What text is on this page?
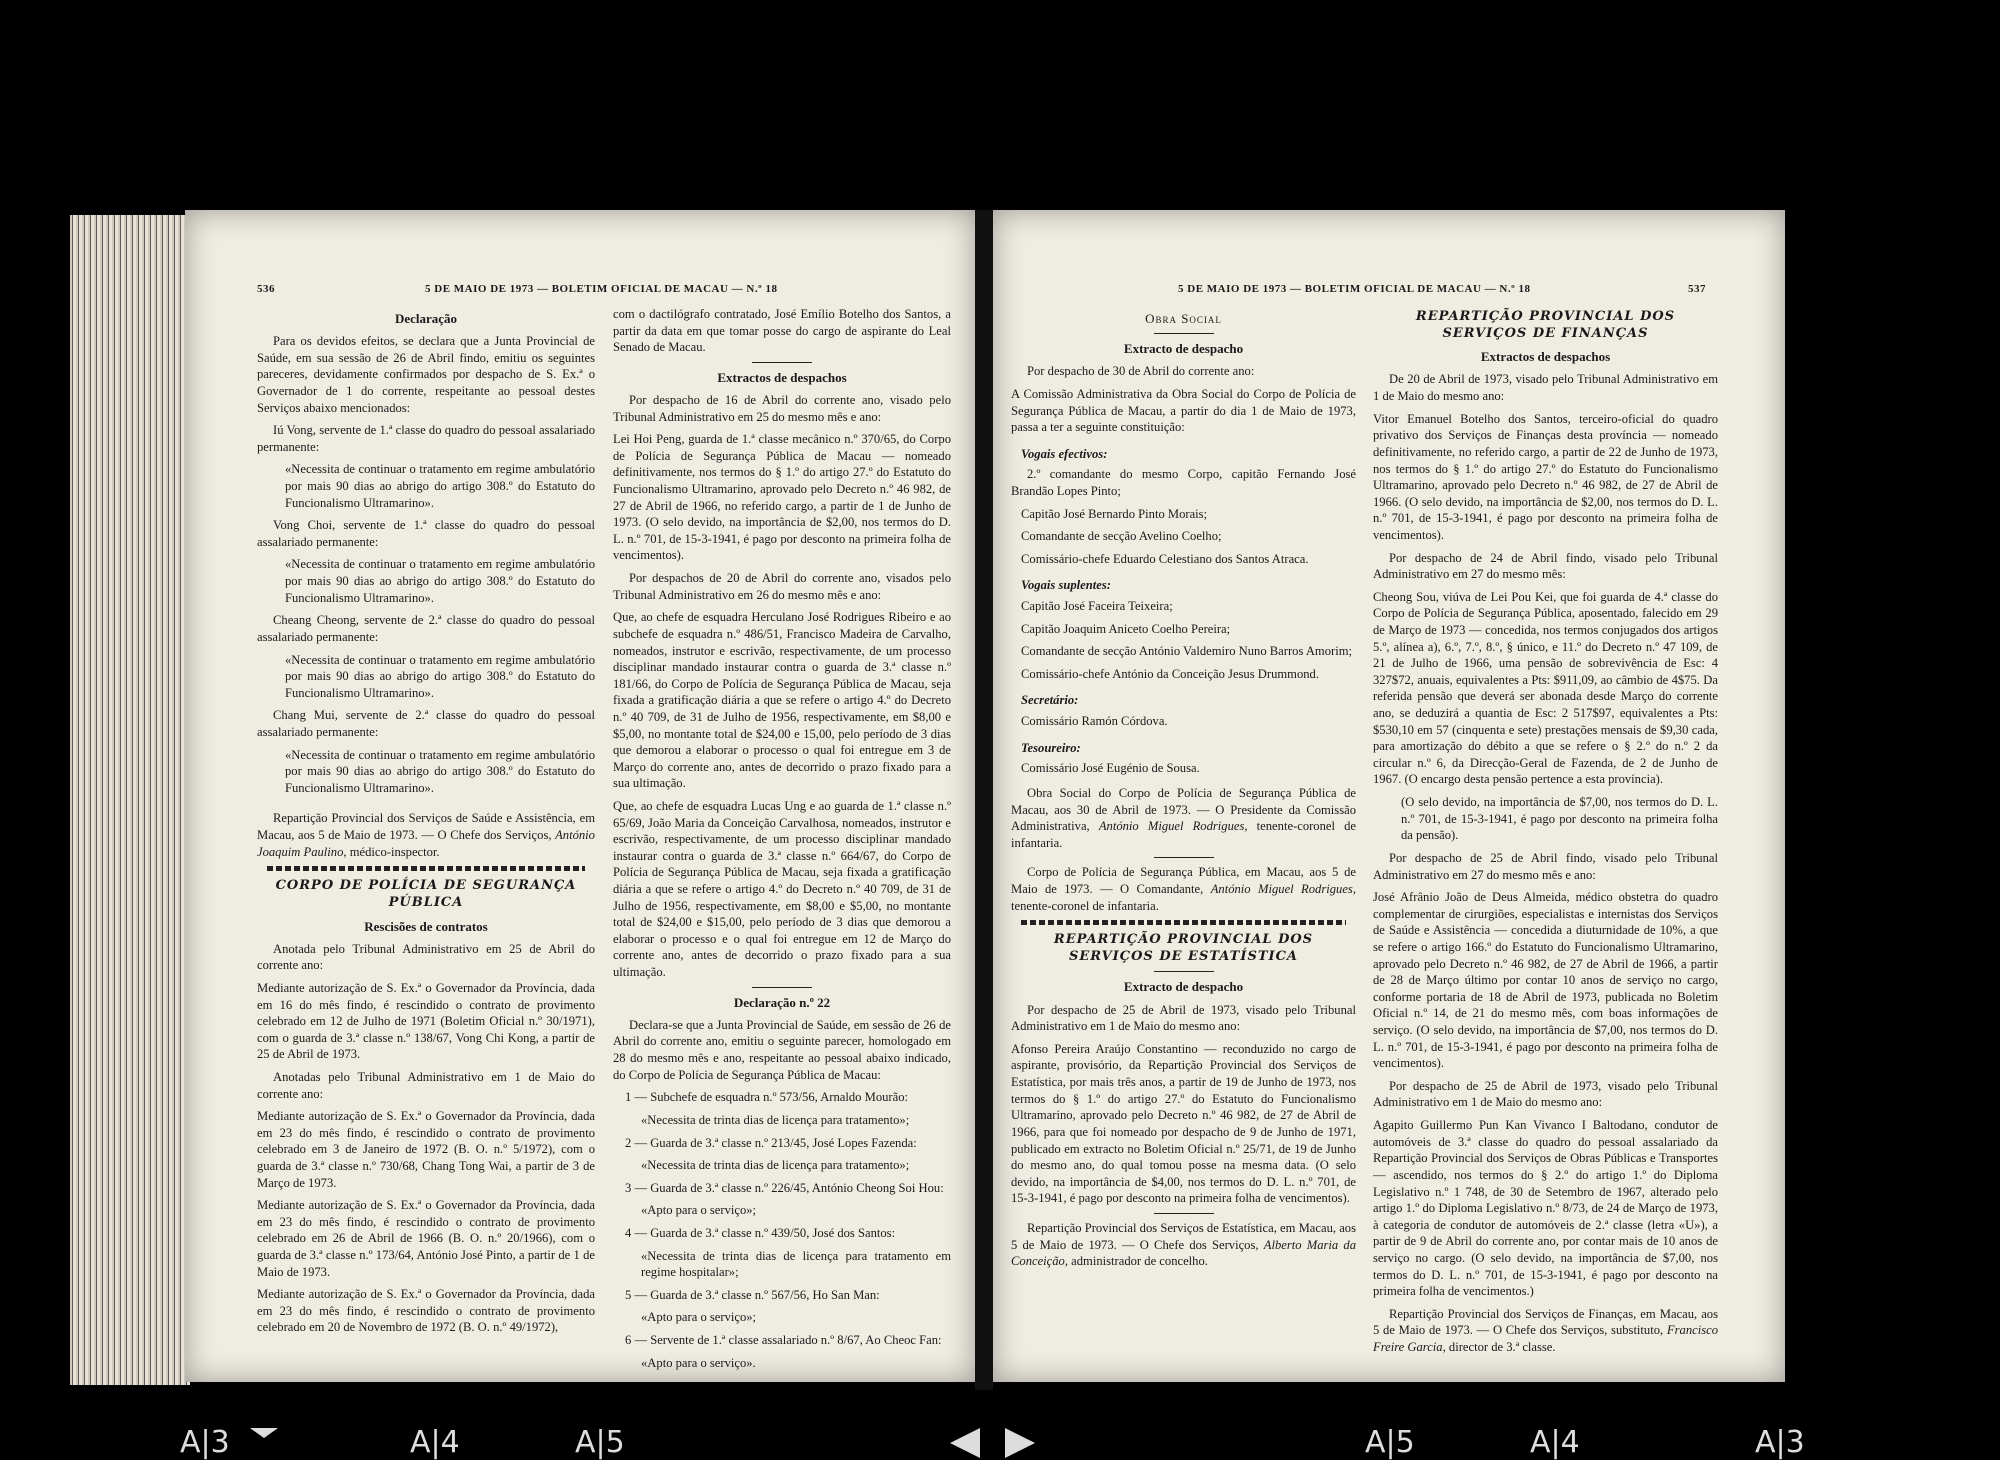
536	5 DE MAIO DE 1973 — BOLETIM OFICIAL DE MACAU — N.º 18
Declaração

Para os devidos efeitos, se declara que a Junta Provincial de Saúde, em sua sessão de 26 de Abril findo, emitiu os seguintes pareceres, devidamente confirmados por despacho de S. Ex.ª o Governador de 1 do corrente, respeitante ao pessoal destes Serviços abaixo mencionados:

Iú Vong, servente de 1.ª classe do quadro do pessoal assalariado permanente:

«Necessita de continuar o tratamento em regime ambulatório por mais 90 dias ao abrigo do artigo 308.º do Estatuto do Funcionalismo Ultramarino».

Vong Choi, servente de 1.ª classe do quadro do pessoal assalariado permanente:

«Necessita de continuar o tratamento em regime ambulatório por mais 90 dias ao abrigo do artigo 308.º do Estatuto do Funcionalismo Ultramarino».

Cheang Cheong, servente de 2.ª classe do quadro do pessoal assalariado permanente:

«Necessita de continuar o tratamento em regime ambulatório por mais 90 dias ao abrigo do artigo 308.º do Estatuto do Funcionalismo Ultramarino».

Chang Mui, servente de 2.ª classe do quadro do pessoal assalariado permanente:

«Necessita de continuar o tratamento em regime ambulatório por mais 90 dias ao abrigo do artigo 308.º do Estatuto do Funcionalismo Ultramarino».

Repartição Provincial dos Serviços de Saúde e Assistência, em Macau, aos 5 de Maio de 1973. — O Chefe dos Serviços, António Joaquim Paulino, médico-inspector.

CORPO DE POLÍCIA DE SEGURANÇA PÚBLICA
Rescisões de contratos

Anotada pelo Tribunal Administrativo em 25 de Abril do corrente ano:

Mediante autorização de S. Ex.ª o Governador da Província, dada em 16 do mês findo, é rescindido o contrato de provimento celebrado em 12 de Julho de 1971 (Boletim Oficial n.º 30/1971), com o guarda de 3.ª classe n.º 138/67, Vong Chi Kong, a partir de 25 de Abril de 1973.

Anotadas pelo Tribunal Administrativo em 1 de Maio do corrente ano:

Mediante autorização de S. Ex.ª o Governador da Província, dada em 23 do mês findo, é rescindido o contrato de provimento celebrado em 3 de Janeiro de 1972 (B. O. n.º 5/1972), com o guarda de 3.ª classe n.º 730/68, Chang Tong Wai, a partir de 3 de Março de 1973.

Mediante autorização de S. Ex.ª o Governador da Província, dada em 23 do mês findo, é rescindido o contrato de provimento celebrado em 26 de Abril de 1966 (B. O. n.º 20/1966), com o guarda de 3.ª classe n.º 173/64, António José Pinto, a partir de 1 de Maio de 1973.

Mediante autorização de S. Ex.ª o Governador da Província, dada em 23 do mês findo, é rescindido o contrato de provimento celebrado em 20 de Novembro de 1972 (B. O. n.º 49/1972),

com o dactilógrafo contratado, José Emílio Botelho dos Santos, a partir da data em que tomar posse do cargo de aspirante do Leal Senado de Macau.

Extractos de despachos

Por despacho de 16 de Abril do corrente ano, visado pelo Tribunal Administrativo em 25 do mesmo mês e ano:

Lei Hoi Peng, guarda de 1.ª classe mecânico n.º 370/65, do Corpo de Polícia de Segurança Pública de Macau — nomeado definitivamente, nos termos do § 1.º do artigo 27.º do Estatuto do Funcionalismo Ultramarino, aprovado pelo Decreto n.º 46 982, de 27 de Abril de 1966, no referido cargo, a partir de 1 de Junho de 1973. (O selo devido, na importância de $2,00, nos termos do D. L. n.º 701, de 15-3-1941, é pago por desconto na primeira folha de vencimentos).

Por despachos de 20 de Abril do corrente ano, visados pelo Tribunal Administrativo em 26 do mesmo mês e ano:

Que, ao chefe de esquadra Herculano José Rodrigues Ribeiro e ao subchefe de esquadra n.º 486/51, Francisco Madeira de Carvalho, nomeados, instrutor e escrivão, respectivamente, de um processo disciplinar mandado instaurar contra o guarda de 3.ª classe n.º 181/66, do Corpo de Polícia de Segurança Pública de Macau, seja fixada a gratificação diária a que se refere o artigo 4.º do Decreto n.º 40 709, de 31 de Julho de 1956, respectivamente, em $8,00 e $5,00, no montante total de $24,00 e 15,00, pelo período de 3 dias que demorou a elaborar o processo o qual foi entregue em 3 de Março do corrente ano, antes de decorrido o prazo fixado para a sua ultimação.

Que, ao chefe de esquadra Lucas Ung e ao guarda de 1.ª classe n.º 65/69, João Maria da Conceição Carvalhosa, nomeados, instrutor e escrivão, respectivamente, de um processo disciplinar mandado instaurar contra o guarda de 3.ª classe n.º 664/67, do Corpo de Polícia de Segurança Pública de Macau, seja fixada a gratificação diária a que se refere o artigo 4.º do Decreto n.º 40 709, de 31 de Julho de 1956, respectivamente, em $8,00 e $5,00, no montante total de $24,00 e $15,00, pelo período de 3 dias que demorou a elaborar o processo e o qual foi entregue em 12 de Março do corrente ano, antes de decorrido o prazo fixado para a sua ultimação.

Declaração n.º 22

Declara-se que a Junta Provincial de Saúde, em sessão de 26 de Abril do corrente ano, emitiu o seguinte parecer, homologado em 28 do mesmo mês e ano, respeitante ao pessoal abaixo indicado, do Corpo de Polícia de Segurança Pública de Macau:

1 — Subchefe de esquadra n.º 573/56, Arnaldo Mourão:

«Necessita de trinta dias de licença para tratamento»;

2 — Guarda de 3.ª classe n.º 213/45, José Lopes Fazenda:

«Necessita de trinta dias de licença para tratamento»;

3 — Guarda de 3.ª classe n.º 226/45, António Cheong Soi Hou:

«Apto para o serviço»;

4 — Guarda de 3.ª classe n.º 439/50, José dos Santos:

«Necessita de trinta dias de licença para tratamento em regime hospitalar»;

5 — Guarda de 3.ª classe n.º 567/56, Ho San Man:

«Apto para o serviço»;

6 — Servente de 1.ª classe assalariado n.º 8/67, Ao Cheoc Fan:

«Apto para o serviço».

5 DE MAIO DE 1973 — BOLETIM OFICIAL DE MACAU — N.º 18	537
Obra Social
Extracto de despacho

Por despacho de 30 de Abril do corrente ano:

A Comissão Administrativa da Obra Social do Corpo de Polícia de Segurança Pública de Macau, a partir do dia 1 de Maio de 1973, passa a ter a seguinte constituição:

Vogais efectivos:

2.º comandante do mesmo Corpo, capitão Fernando José Brandão Lopes Pinto;

Capitão José Bernardo Pinto Morais;

Comandante de secção Avelino Coelho;

Comissário-chefe Eduardo Celestiano dos Santos Atraca.

Vogais suplentes:

Capitão José Faceira Teixeira;

Capitão Joaquim Aniceto Coelho Pereira;

Comandante de secção António Valdemiro Nuno Barros Amorim;

Comissário-chefe António da Conceição Jesus Drummond.

Secretário:

Comissário Ramón Córdova.

Tesoureiro:

Comissário José Eugénio de Sousa.

Obra Social do Corpo de Polícia de Segurança Pública de Macau, aos 30 de Abril de 1973. — O Presidente da Comissão Administrativa, António Miguel Rodrigues, tenente-coronel de infantaria.

Corpo de Polícia de Segurança Pública, em Macau, aos 5 de Maio de 1973. — O Comandante, António Miguel Rodrigues, tenente-coronel de infantaria.

REPARTIÇÃO PROVINCIAL DOS SERVIÇOS DE ESTATÍSTICA
Extracto de despacho

Por despacho de 25 de Abril de 1973, visado pelo Tribunal Administrativo em 1 de Maio do mesmo ano:

Afonso Pereira Araújo Constantino — reconduzido no cargo de aspirante, provisório, da Repartição Provincial dos Serviços de Estatística, por mais três anos, a partir de 19 de Junho de 1973, nos termos do § 1.º do artigo 27.º do Estatuto do Funcionalismo Ultramarino, aprovado pelo Decreto n.º 46 982, de 27 de Abril de 1966, para que foi nomeado por despacho de 9 de Junho de 1971, publicado em extracto no Boletim Oficial n.º 25/71, de 19 de Junho do mesmo ano, do qual tomou posse na mesma data. (O selo devido, na importância de $4,00, nos termos do D. L. n.º 701, de 15-3-1941, é pago por desconto na primeira folha de vencimentos).

Repartição Provincial dos Serviços de Estatística, em Macau, aos 5 de Maio de 1973. — O Chefe dos Serviços, Alberto Maria da Conceição, administrador de concelho.

REPARTIÇÃO PROVINCIAL DOS SERVIÇOS DE FINANÇAS
Extractos de despachos

De 20 de Abril de 1973, visado pelo Tribunal Administrativo em 1 de Maio do mesmo ano:

Vitor Emanuel Botelho dos Santos, terceiro-oficial do quadro privativo dos Serviços de Finanças desta província — nomeado definitivamente, no referido cargo, a partir de 22 de Junho de 1973, nos termos do § 1.º do artigo 27.º do Estatuto do Funcionalismo Ultramarino, aprovado pelo Decreto n.º 46 982, de 27 de Abril de 1966. (O selo devido, na importância de $2,00, nos termos do D. L. n.º 701, de 15-3-1941, é pago por desconto na primeira folha de vencimentos).

Por despacho de 24 de Abril findo, visado pelo Tribunal Administrativo em 27 do mesmo mês:

Cheong Sou, viúva de Lei Pou Kei, que foi guarda de 4.ª classe do Corpo de Polícia de Segurança Pública, aposentado, falecido em 29 de Março de 1973 — concedida, nos termos conjugados dos artigos 5.º, alínea a), 6.º, 7.º, 8.º, § único, e 11.º do Decreto n.º 47 109, de 21 de Julho de 1966, uma pensão de sobrevivência de Esc: 4 327$72, anuais, equivalentes a Pts: $911,09, ao câmbio de 4$75. Da referida pensão que deverá ser abonada desde Março do corrente ano, se deduzirá a quantia de Esc: 2 517$97, equivalentes a Pts: $530,10 em 57 (cinquenta e sete) prestações mensais de $9,30 cada, para amortização do débito a que se refere o § 2.º do n.º 2 da circular n.º 6, da Direcção-Geral de Fazenda, de 2 de Junho de 1967. (O encargo desta pensão pertence a esta província).

(O selo devido, na importância de $7,00, nos termos do D. L. n.º 701, de 15-3-1941, é pago por desconto na primeira folha da pensão).

Por despacho de 25 de Abril findo, visado pelo Tribunal Administrativo em 27 do mesmo mês e ano:

José Afrânio João de Deus Almeida, médico obstetra do quadro complementar de cirurgiões, especialistas e internistas dos Serviços de Saúde e Assistência — concedida a diuturnidade de 10%, a que se refere o artigo 166.º do Estatuto do Funcionalismo Ultramarino, aprovado pelo Decreto n.º 46 982, de 27 de Abril de 1966, a partir de 28 de Março último por contar 10 anos de serviço no cargo, conforme portaria de 18 de Abril de 1973, publicada no Boletim Oficial n.º 14, de 21 do mesmo mês, com boas informações de serviço. (O selo devido, na importância de $7,00, nos termos do D. L. n.º 701, de 15-3-1941, é pago por desconto na primeira folha de vencimentos).

Por despacho de 25 de Abril de 1973, visado pelo Tribunal Administrativo em 1 de Maio do mesmo ano:

Agapito Guillermo Pun Kan Vivanco I Baltodano, condutor de automóveis de 3.ª classe do quadro do pessoal assalariado da Repartição Provincial dos Serviços de Obras Públicas e Transportes — ascendido, nos termos do § 2.º do artigo 1.º do Diploma Legislativo n.º 1 748, de 30 de Setembro de 1967, alterado pelo artigo 1.º do Diploma Legislativo n.º 8/73, de 24 de Março de 1973, à categoria de condutor de automóveis de 2.ª classe (letra «U»), a partir de 9 de Abril do corrente ano, por contar mais de 10 anos de serviço no cargo. (O selo devido, na importância de $7,00, nos termos do D. L. n.º 701, de 15-3-1941, é pago por desconto na primeira folha de vencimentos.)

Repartição Provincial dos Serviços de Finanças, em Macau, aos 5 de Maio de 1973. — O Chefe dos Serviços, substituto, Francisco Freire Garcia, director de 3.ª classe.

A|3	A|4	A|5	A|5	A|4	A|3
